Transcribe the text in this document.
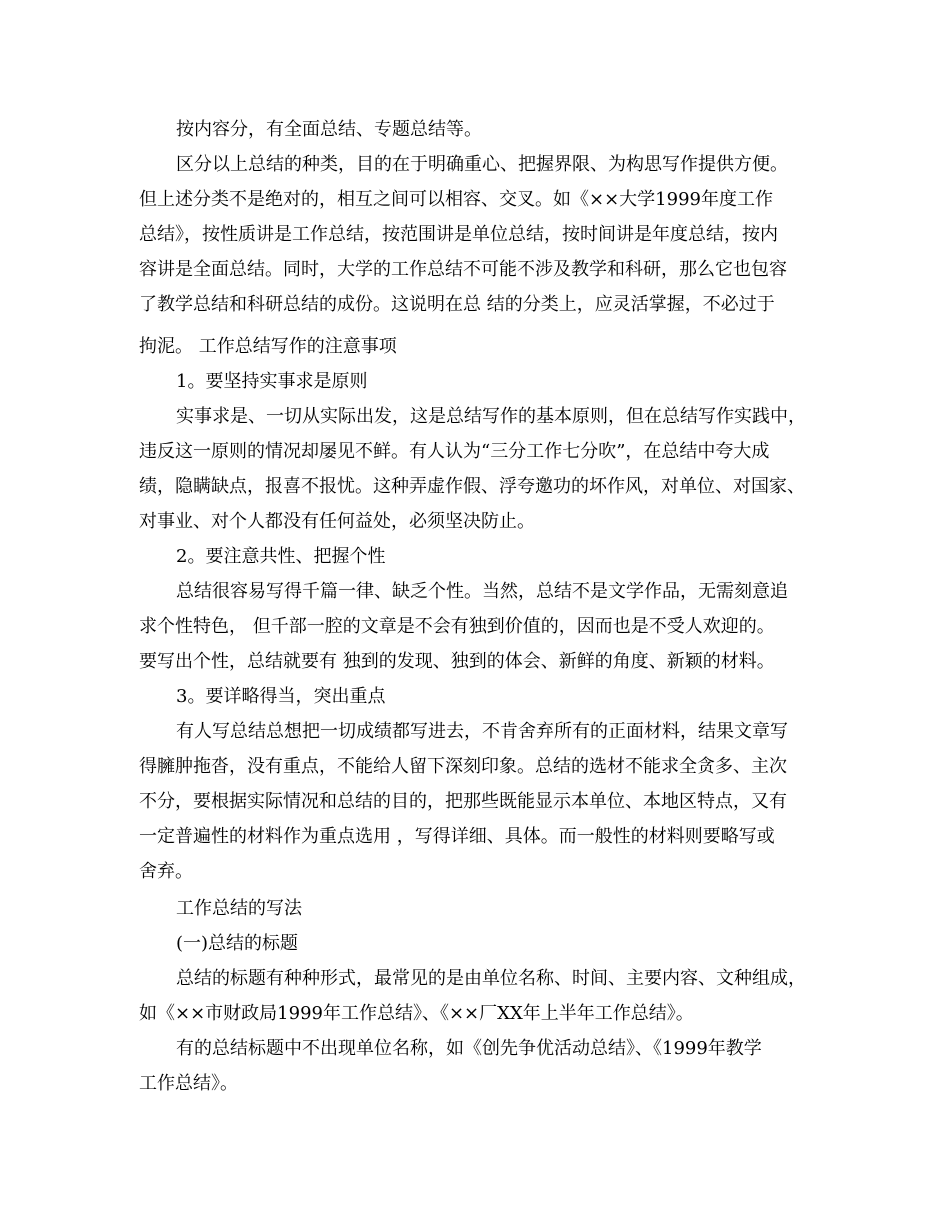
按内容分，有全面总结、专题总结等。

区分以上总结的种类，目的在于明确重心、把握界限、为构思写作提供方便。

但上述分类不是绝对的，相互之间可以相容、交叉。如《××大学1999年度工作

总结》，按性质讲是工作总结，按范围讲是单位总结，按时间讲是年度总结，按内

容讲是全面总结。同时，大学的工作总结不可能不涉及教学和科研，那么它也包容

了教学总结和科研总结的成份。这说明在总 结的分类上，应灵活掌握，不必过于

拘泥。 工作总结写作的注意事项

1。要坚持实事求是原则

实事求是、一切从实际出发，这是总结写作的基本原则，但在总结写作实践中，

违反这一原则的情况却屡见不鲜。有人认为“三分工作七分吹”，在总结中夸大成

绩，隐瞒缺点，报喜不报忧。这种弄虚作假、浮夸邀功的坏作风，对单位、对国家、

对事业、对个人都没有任何益处，必须坚决防止。

2。要注意共性、把握个性

总结很容易写得千篇一律、缺乏个性。当然，总结不是文学作品，无需刻意追

求个性特色， 但千部一腔的文章是不会有独到价值的，因而也是不受人欢迎的。

要写出个性，总结就要有 独到的发现、独到的体会、新鲜的角度、新颖的材料。

3。要详略得当，突出重点

有人写总结总想把一切成绩都写进去，不肯舍弃所有的正面材料，结果文章写

得臃肿拖沓，没有重点，不能给人留下深刻印象。总结的选材不能求全贪多、主次

不分，要根据实际情况和总结的目的，把那些既能显示本单位、本地区特点，又有

一定普遍性的材料作为重点选用 ，写得详细、具体。而一般性的材料则要略写或

舍弃。

工作总结的写法

(一)总结的标题

总结的标题有种种形式，最常见的是由单位名称、时间、主要内容、文种组成，

如《××市财政局1999年工作总结》、《××厂XX年上半年工作总结》。

有的总结标题中不出现单位名称，如《创先争优活动总结》、《1999年教学

工作总结》。
